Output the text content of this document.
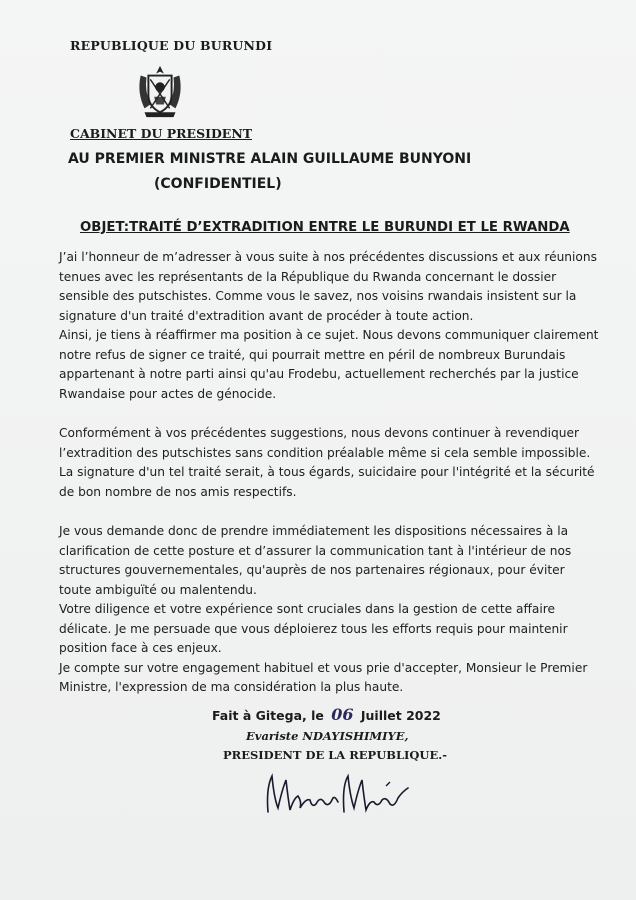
REPUBLIQUE DU BURUNDI
CABINET DU PRESIDENT
AU PREMIER MINISTRE ALAIN GUILLAUME BUNYONI
(CONFIDENTIEL)
OBJET:TRAITÉ D’EXTRADITION ENTRE LE BURUNDI ET LE RWANDA

J’ai l’honneur de m’adresser à vous suite à nos précédentes discussions et aux réunions tenues avec les représentants de la République du Rwanda concernant le dossier sensible des putschistes. Comme vous le savez, nos voisins rwandais insistent sur la signature d'un traité d'extradition avant de procéder à toute action.

Ainsi, je tiens à réaffirmer ma position à ce sujet. Nous devons communiquer clairement notre refus de signer ce traité, qui pourrait mettre en péril de nombreux Burundais appartenant à notre parti ainsi qu'au Frodebu, actuellement recherchés par la justice Rwandaise pour actes de génocide.

Conformément à vos précédentes suggestions, nous devons continuer à revendiquer l’extradition des putschistes sans condition préalable même si cela semble impossible. La signature d'un tel traité serait, à tous égards, suicidaire pour l'intégrité et la sécurité de bon nombre de nos amis respectifs.

Je vous demande donc de prendre immédiatement les dispositions nécessaires à la clarification de cette posture et d’assurer la communication tant à l'intérieur de nos structures gouvernementales, qu'auprès de nos partenaires régionaux, pour éviter toute ambiguïté ou malentendu.

Votre diligence et votre expérience sont cruciales dans la gestion de cette affaire délicate. Je me persuade que vous déploierez tous les efforts requis pour maintenir position face à ces enjeux.

Je compte sur votre engagement habituel et vous prie d'accepter, Monsieur le Premier Ministre, l'expression de ma considération la plus haute.

Fait à Gitega, le 06 Juillet 2022
Evariste NDAYISHIMIYE,
PRESIDENT DE LA REPUBLIQUE.-
